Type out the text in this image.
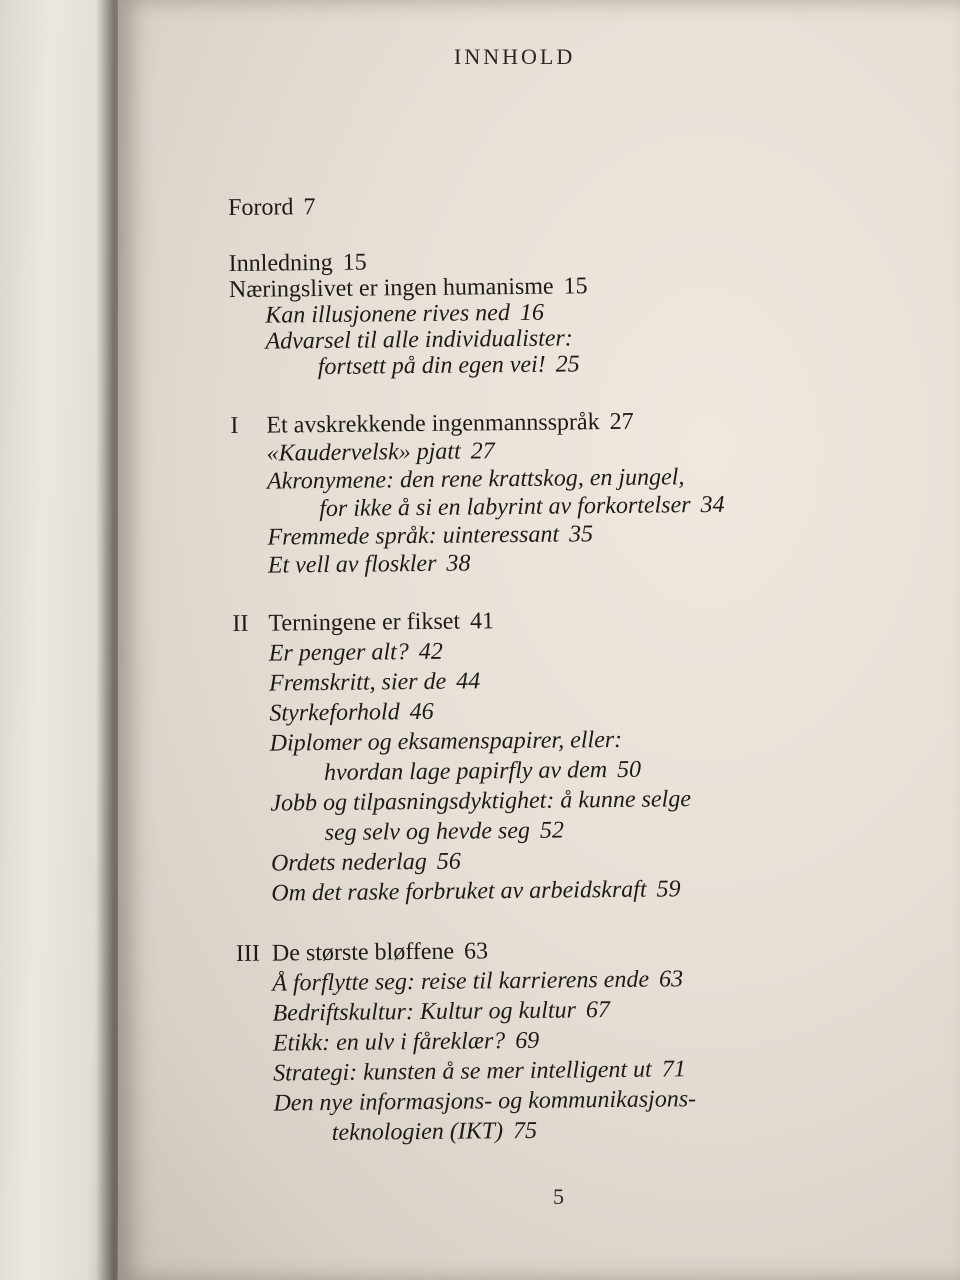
INNHOLD
Forord 7
Innledning 15
Næringslivet er ingen humanisme 15
Kan illusjonene rives ned 16
Advarsel til alle individualister:
fortsett på din egen vei! 25
I Et avskrekkende ingenmannsspråk 27
«Kaudervelsk» pjatt 27
Akronymene: den rene krattskog, en jungel,
for ikke å si en labyrint av forkortelser 34
Fremmede språk: uinteressant 35
Et vell av floskler 38
II Terningene er fikset 41
Er penger alt? 42
Fremskritt, sier de 44
Styrkeforhold 46
Diplomer og eksamenspapirer, eller:
hvordan lage papirfly av dem 50
Jobb og tilpasningsdyktighet: å kunne selge
seg selv og hevde seg 52
Ordets nederlag 56
Om det raske forbruket av arbeidskraft 59
III De største bløffene 63
Å forflytte seg: reise til karrierens ende 63
Bedriftskultur: Kultur og kultur 67
Etikk: en ulv i fåreklær? 69
Strategi: kunsten å se mer intelligent ut 71
Den nye informasjons- og kommunikasjons-
teknologien (IKT) 75
5
